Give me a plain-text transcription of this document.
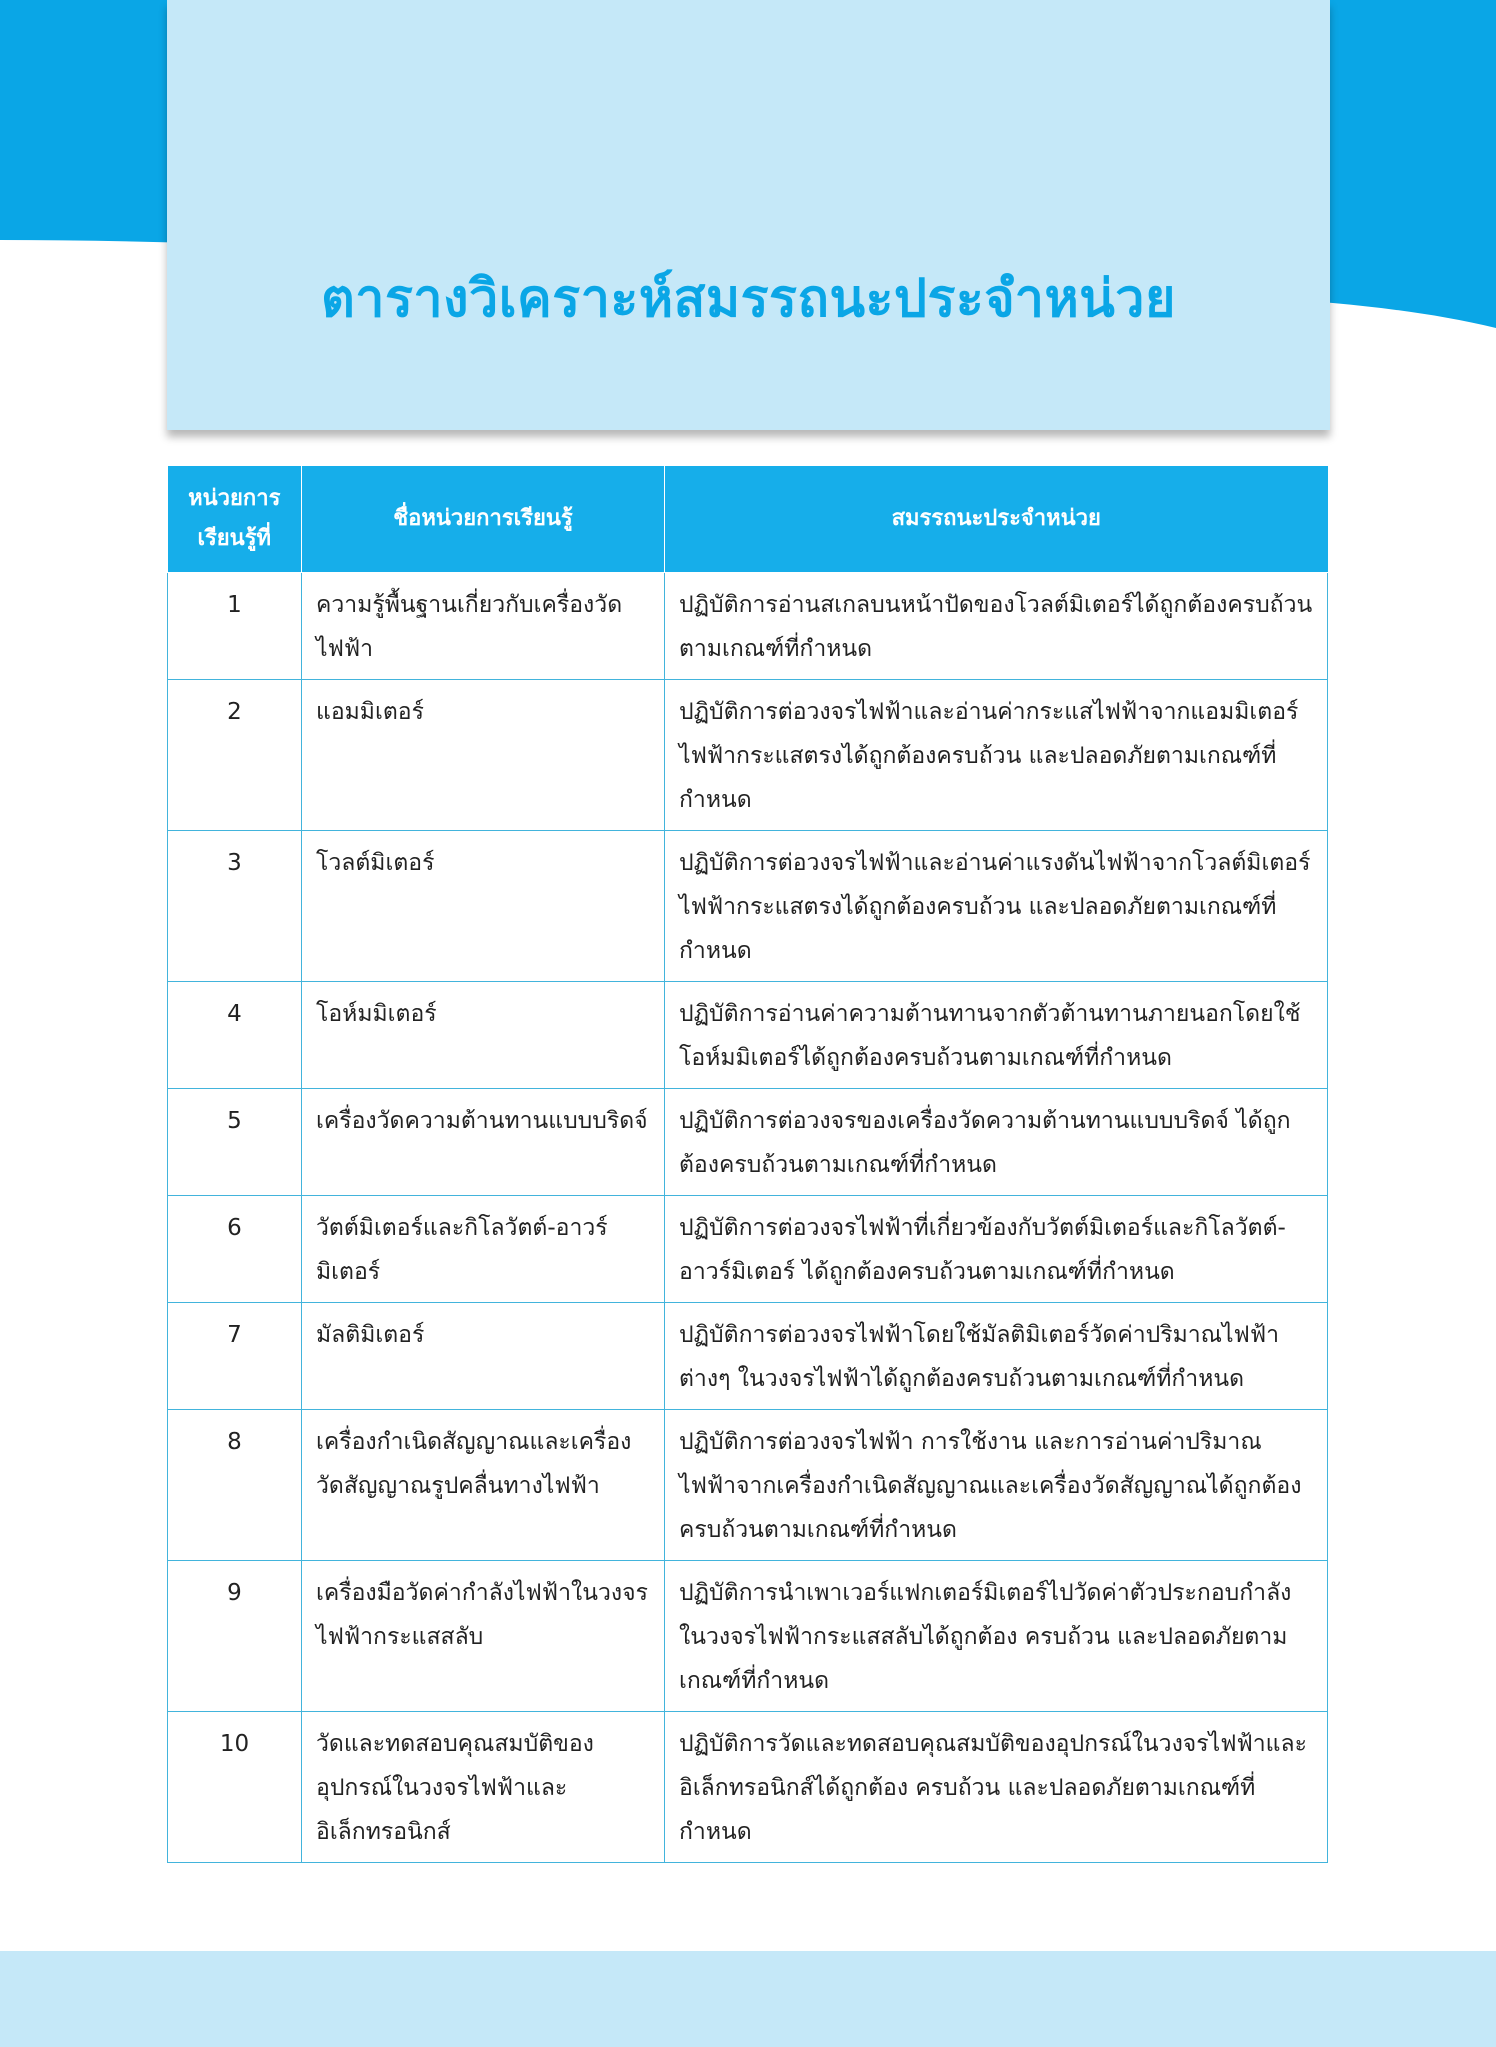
ตารางวิเคราะห์สมรรถนะประจำหน่วย
หน่วยการ
เรียนรู้ที่	ชื่อหน่วยการเรียนรู้	สมรรถนะประจำหน่วย
1	ความรู้พื้นฐานเกี่ยวกับเครื่องวัดไฟฟ้า	ปฏิบัติการอ่านสเกลบนหน้าปัดของโวลต์มิเตอร์ได้ถูกต้องครบถ้วนตามเกณฑ์ที่กำหนด
2	แอมมิเตอร์	ปฏิบัติการต่อวงจรไฟฟ้าและอ่านค่ากระแสไฟฟ้าจากแอมมิเตอร์ไฟฟ้ากระแสตรงได้ถูกต้องครบถ้วน และปลอดภัยตามเกณฑ์ที่กำหนด
3	โวลต์มิเตอร์	ปฏิบัติการต่อวงจรไฟฟ้าและอ่านค่าแรงดันไฟฟ้าจากโวลต์มิเตอร์ไฟฟ้ากระแสตรงได้ถูกต้องครบถ้วน และปลอดภัยตามเกณฑ์ที่กำหนด
4	โอห์มมิเตอร์	ปฏิบัติการอ่านค่าความต้านทานจากตัวต้านทานภายนอกโดยใช้โอห์มมิเตอร์ได้ถูกต้องครบถ้วนตามเกณฑ์ที่กำหนด
5	เครื่องวัดความต้านทานแบบบริดจ์	ปฏิบัติการต่อวงจรของเครื่องวัดความต้านทานแบบบริดจ์ ได้ถูกต้องครบถ้วนตามเกณฑ์ที่กำหนด
6	วัตต์มิเตอร์และกิโลวัตต์-อาวร์มิเตอร์	ปฏิบัติการต่อวงจรไฟฟ้าที่เกี่ยวข้องกับวัตต์มิเตอร์และกิโลวัตต์-อาวร์มิเตอร์ ได้ถูกต้องครบถ้วนตามเกณฑ์ที่กำหนด
7	มัลติมิเตอร์	ปฏิบัติการต่อวงจรไฟฟ้าโดยใช้มัลติมิเตอร์วัดค่าปริมาณไฟฟ้าต่างๆ ในวงจรไฟฟ้าได้ถูกต้องครบถ้วนตามเกณฑ์ที่กำหนด
8	เครื่องกำเนิดสัญญาณและเครื่องวัดสัญญาณรูปคลื่นทางไฟฟ้า	ปฏิบัติการต่อวงจรไฟฟ้า การใช้งาน และการอ่านค่าปริมาณไฟฟ้าจากเครื่องกำเนิดสัญญาณและเครื่องวัดสัญญาณได้ถูกต้องครบถ้วนตามเกณฑ์ที่กำหนด
9	เครื่องมือวัดค่ากำลังไฟฟ้าในวงจรไฟฟ้ากระแสสลับ	ปฏิบัติการนำเพาเวอร์แฟกเตอร์มิเตอร์ไปวัดค่าตัวประกอบกำลังในวงจรไฟฟ้ากระแสสลับได้ถูกต้อง ครบถ้วน และปลอดภัยตามเกณฑ์ที่กำหนด
10	วัดและทดสอบคุณสมบัติของอุปกรณ์ในวงจรไฟฟ้าและอิเล็กทรอนิกส์	ปฏิบัติการวัดและทดสอบคุณสมบัติของอุปกรณ์ในวงจรไฟฟ้าและอิเล็กทรอนิกส์ได้ถูกต้อง ครบถ้วน และปลอดภัยตามเกณฑ์ที่กำหนด
